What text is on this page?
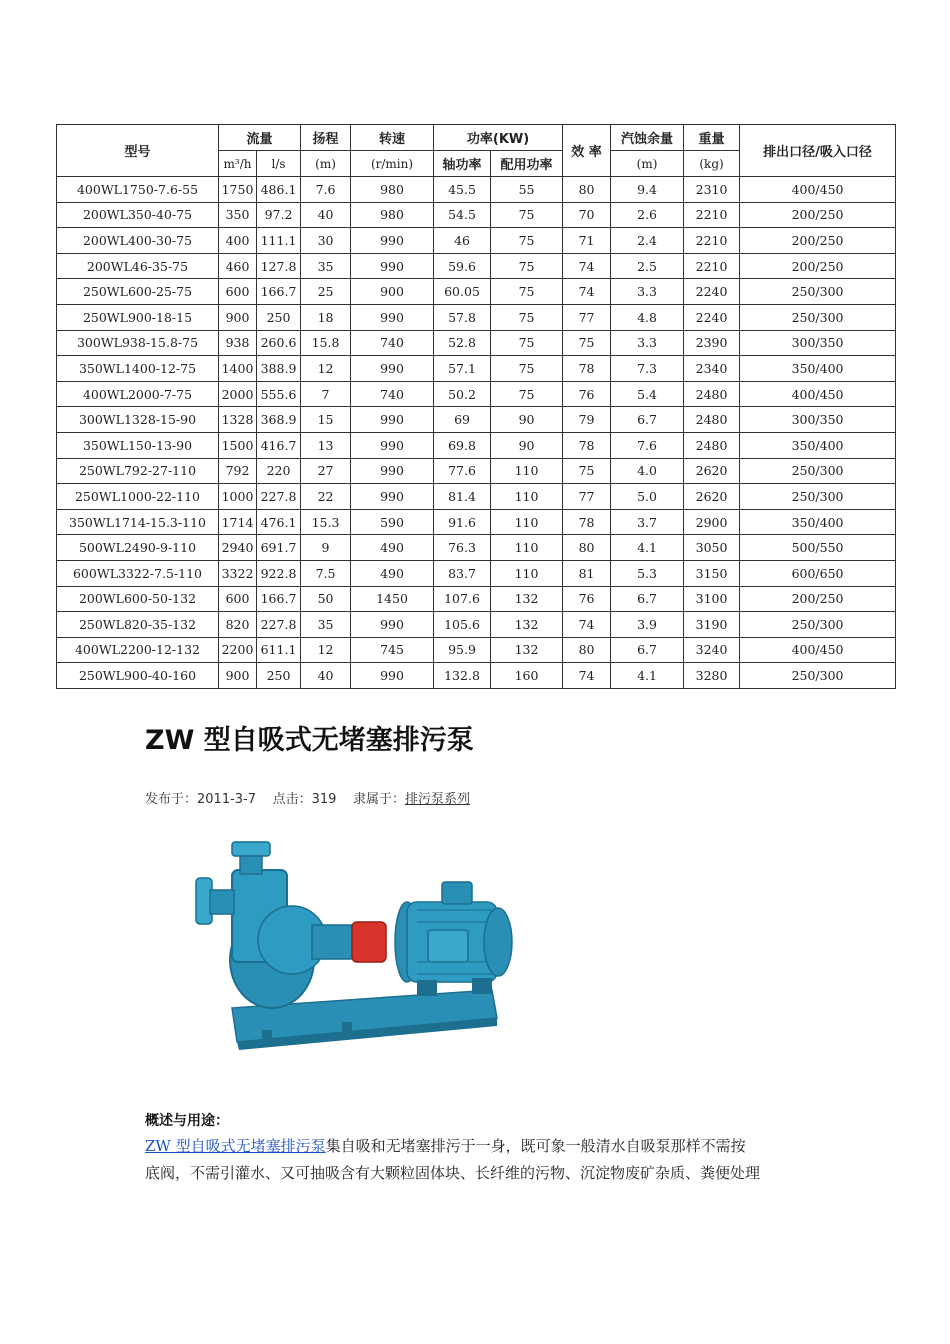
型号	流量		扬程	转速	功率(KW)		效 率	汽蚀余量	重量	排出口径/吸入口径
	m³/h	l/s	(m)	(r/min)	轴功率	配用功率		(m)	(kg)	
400WL1750-7.6-55	1750	486.1	7.6	980	45.5	55	80	9.4	2310	400/450
200WL350-40-75	350	97.2	40	980	54.5	75	70	2.6	2210	200/250
200WL400-30-75	400	111.1	30	990	46	75	71	2.4	2210	200/250
200WL46-35-75	460	127.8	35	990	59.6	75	74	2.5	2210	200/250
250WL600-25-75	600	166.7	25	900	60.05	75	74	3.3	2240	250/300
250WL900-18-15	900	250	18	990	57.8	75	77	4.8	2240	250/300
300WL938-15.8-75	938	260.6	15.8	740	52.8	75	75	3.3	2390	300/350
350WL1400-12-75	1400	388.9	12	990	57.1	75	78	7.3	2340	350/400
400WL2000-7-75	2000	555.6	7	740	50.2	75	76	5.4	2480	400/450
300WL1328-15-90	1328	368.9	15	990	69	90	79	6.7	2480	300/350
350WL150-13-90	1500	416.7	13	990	69.8	90	78	7.6	2480	350/400
250WL792-27-110	792	220	27	990	77.6	110	75	4.0	2620	250/300
250WL1000-22-110	1000	227.8	22	990	81.4	110	77	5.0	2620	250/300
350WL1714-15.3-110	1714	476.1	15.3	590	91.6	110	78	3.7	2900	350/400
500WL2490-9-110	2940	691.7	9	490	76.3	110	80	4.1	3050	500/550
600WL3322-7.5-110	3322	922.8	7.5	490	83.7	110	81	5.3	3150	600/650
200WL600-50-132	600	166.7	50	1450	107.6	132	76	6.7	3100	200/250
250WL820-35-132	820	227.8	35	990	105.6	132	74	3.9	3190	250/300
400WL2200-12-132	2200	611.1	12	745	95.9	132	80	6.7	3240	400/450
250WL900-40-160	900	250	40	990	132.8	160	74	4.1	3280	250/300
ZW 型自吸式无堵塞排污泵
发布于：2011-3-7 点击：319 隶属于：排污泵系列
概述与用途：
ZW 型自吸式无堵塞排污泵集自吸和无堵塞排污于一身，既可象一般清水自吸泵那样不需按
底阀，不需引灌水、又可抽吸含有大颗粒固体块、长纤维的污物、沉淀物废矿杂质、粪便处理
